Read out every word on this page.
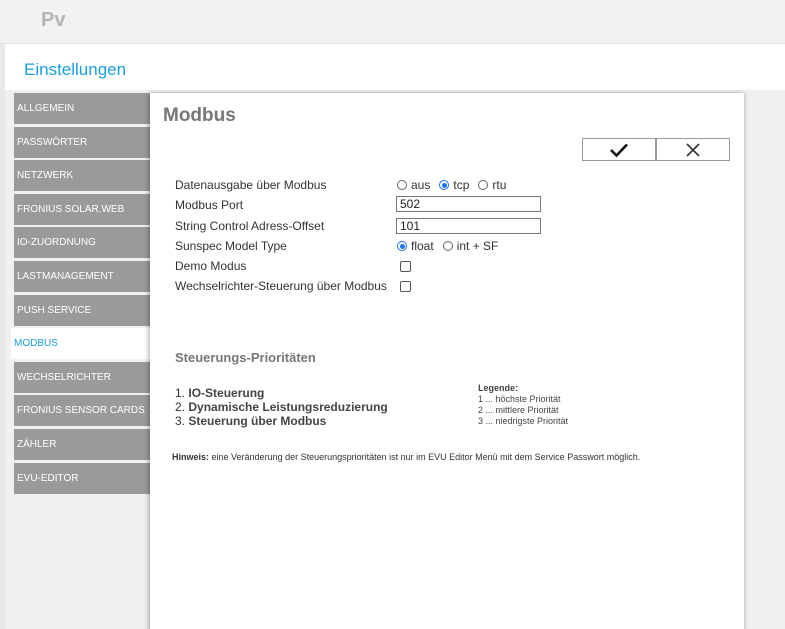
Pv
Einstellungen
ALLGEMEIN
PASSWÖRTER
NETZWERK
FRONIUS SOLAR.WEB
IO-ZUORDNUNG
LASTMANAGEMENT
PUSH SERVICE
MODBUS
WECHSELRICHTER
FRONIUS SENSOR CARDS
ZÄHLER
EVU-EDITOR
Modbus
Datenausgabe über Modbus	aus tcp rtu
Modbus Port	502
String Control Adress-Offset	101
Sunspec Model Type	float int + SF
Demo Modus
Wechselrichter-Steuerung über Modbus
Steuerungs-Prioritäten
1. IO-Steuerung
2. Dynamische Leistungsreduzierung
3. Steuerung über Modbus
Legende:
1 ... höchste Priorität
2 ... mittlere Priorität
3 ... niedrigste Priorität
Hinweis: eine Veränderung der Steuerungsprioritäten ist nur im EVU Editor Menü mit dem Service Passwort möglich.
